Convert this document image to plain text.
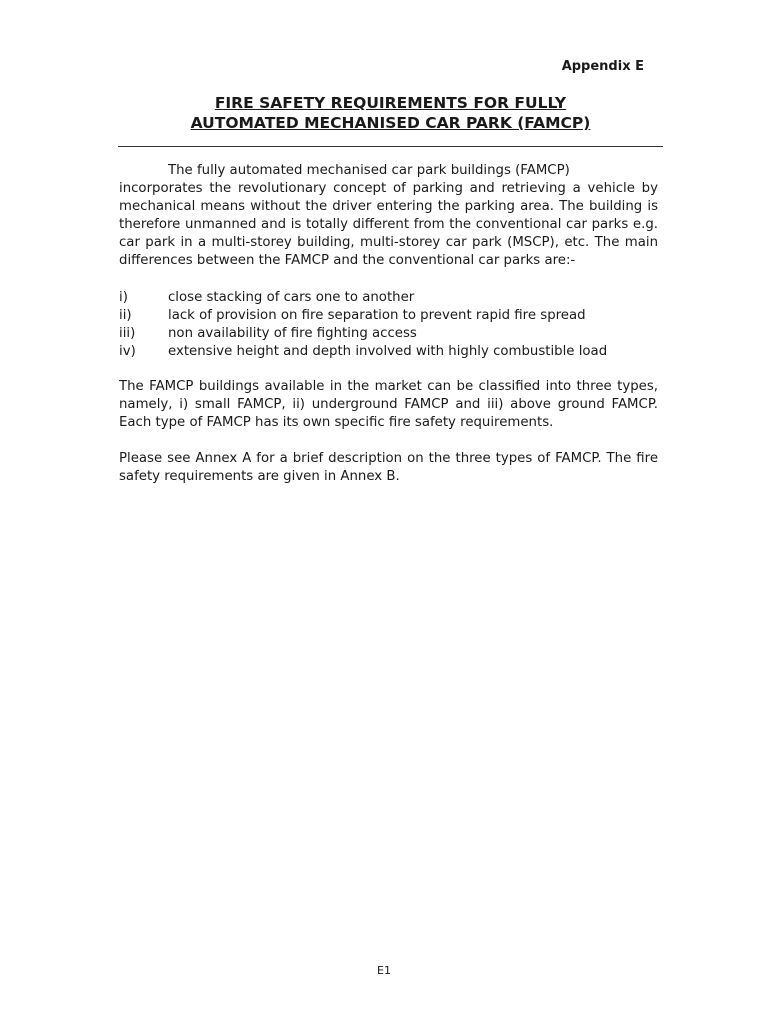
Appendix E
FIRE SAFETY REQUIREMENTS FOR FULLY
AUTOMATED MECHANISED CAR PARK (FAMCP)
The fully automated mechanised car park buildings (FAMCP)
incorporates the revolutionary concept of parking and retrieving a vehicle by mechanical means without the driver entering the parking area. The building is therefore unmanned and is totally different from the conventional car parks e.g. car park in a multi-storey building, multi-storey car park (MSCP), etc. The main differences between the FAMCP and the conventional car parks are:-
i)	close stacking of cars one to another
ii)	lack of provision on fire separation to prevent rapid fire spread
iii)	non availability of fire fighting access
iv)	extensive height and depth involved with highly combustible load
The FAMCP buildings available in the market can be classified into three types, namely, i) small FAMCP, ii) underground FAMCP and iii) above ground FAMCP. Each type of FAMCP has its own specific fire safety requirements.
Please see Annex A for a brief description on the three types of FAMCP. The fire safety requirements are given in Annex B.
E1
